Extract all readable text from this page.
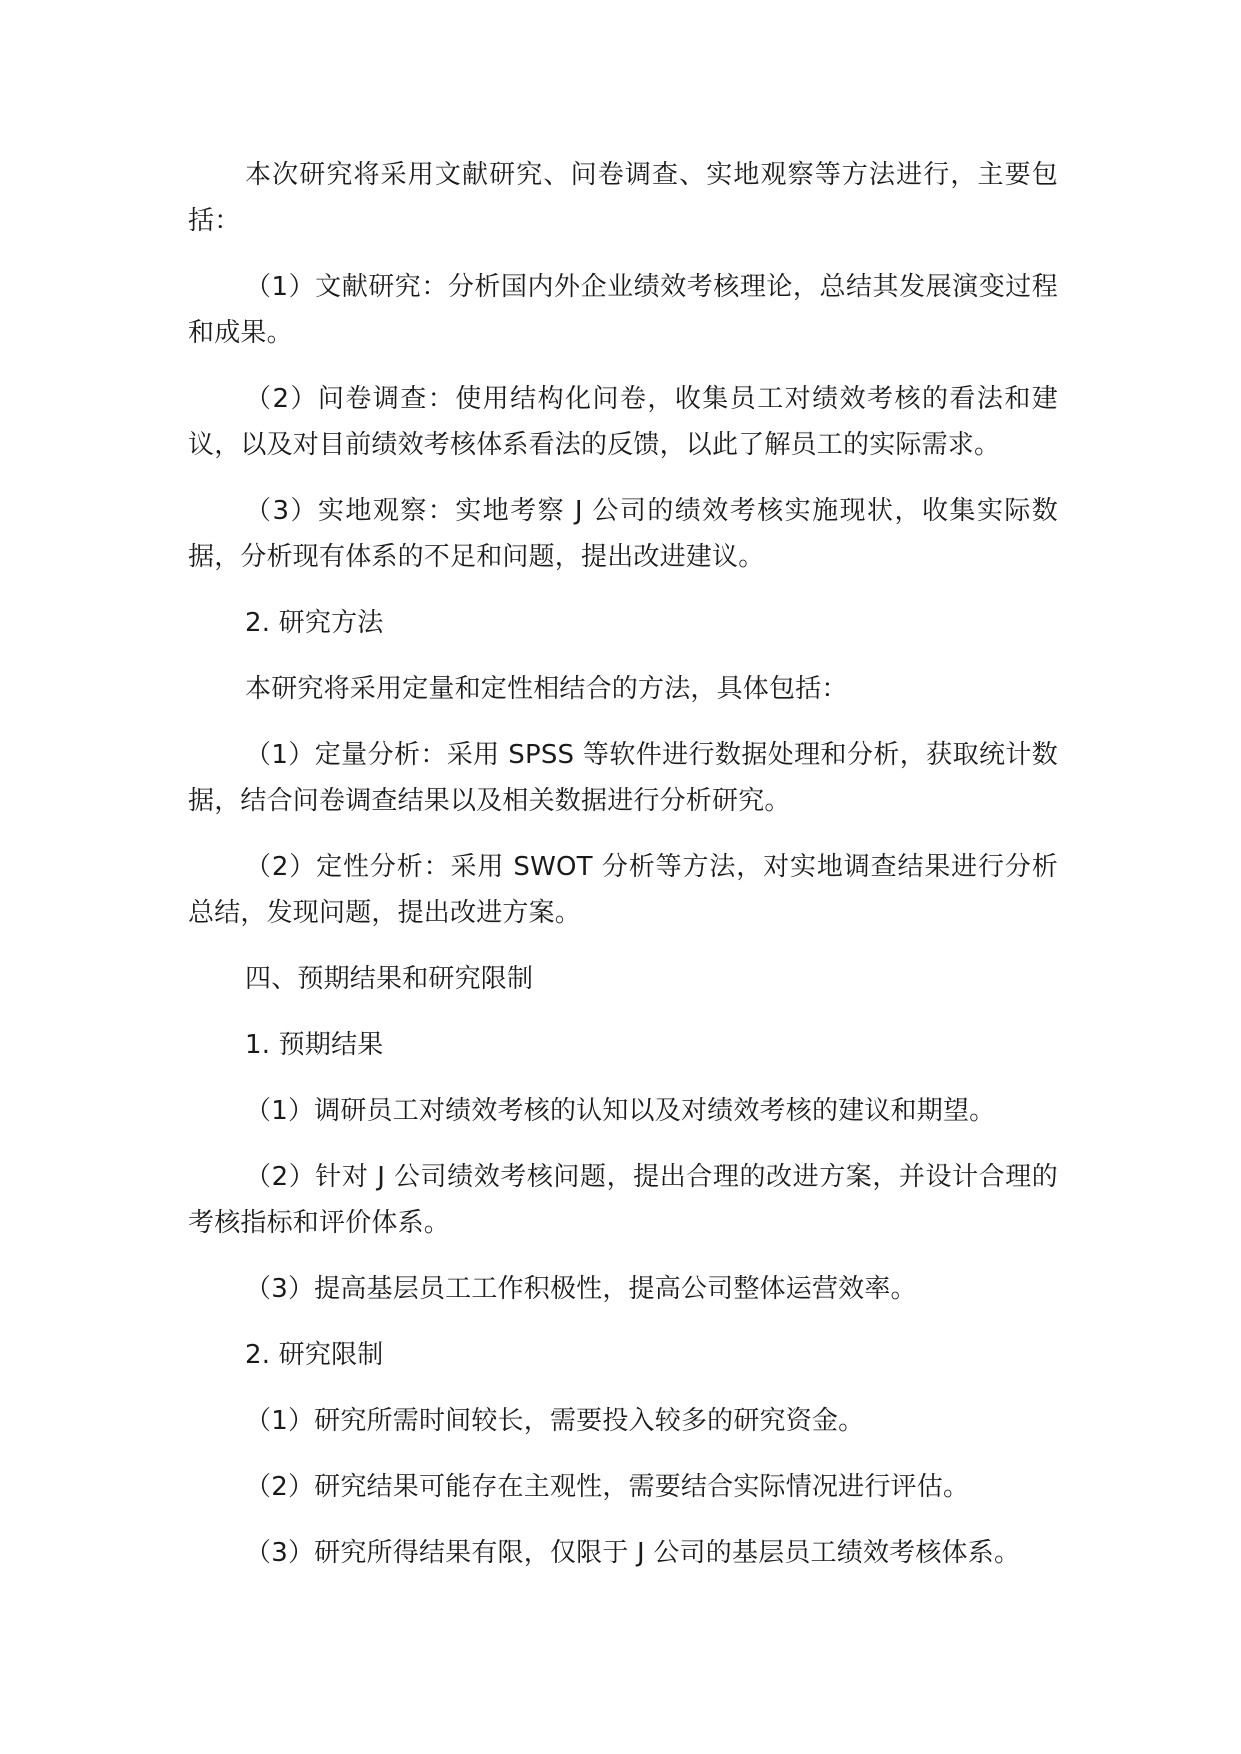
本次研究将采用文献研究、问卷调查、实地观察等方法进行，主要包括：

（1）文献研究：分析国内外企业绩效考核理论，总结其发展演变过程和成果。

（2）问卷调查：使用结构化问卷，收集员工对绩效考核的看法和建议，以及对目前绩效考核体系看法的反馈，以此了解员工的实际需求。

（3）实地观察：实地考察 J 公司的绩效考核实施现状，收集实际数据，分析现有体系的不足和问题，提出改进建议。

2. 研究方法

本研究将采用定量和定性相结合的方法，具体包括：

（1）定量分析：采用 SPSS 等软件进行数据处理和分析，获取统计数据，结合问卷调查结果以及相关数据进行分析研究。

（2）定性分析：采用 SWOT 分析等方法，对实地调查结果进行分析总结，发现问题，提出改进方案。

四、预期结果和研究限制

1. 预期结果

（1）调研员工对绩效考核的认知以及对绩效考核的建议和期望。

（2）针对 J 公司绩效考核问题，提出合理的改进方案，并设计合理的考核指标和评价体系。

（3）提高基层员工工作积极性，提高公司整体运营效率。

2. 研究限制

（1）研究所需时间较长，需要投入较多的研究资金。

（2）研究结果可能存在主观性，需要结合实际情况进行评估。

（3）研究所得结果有限，仅限于 J 公司的基层员工绩效考核体系。
